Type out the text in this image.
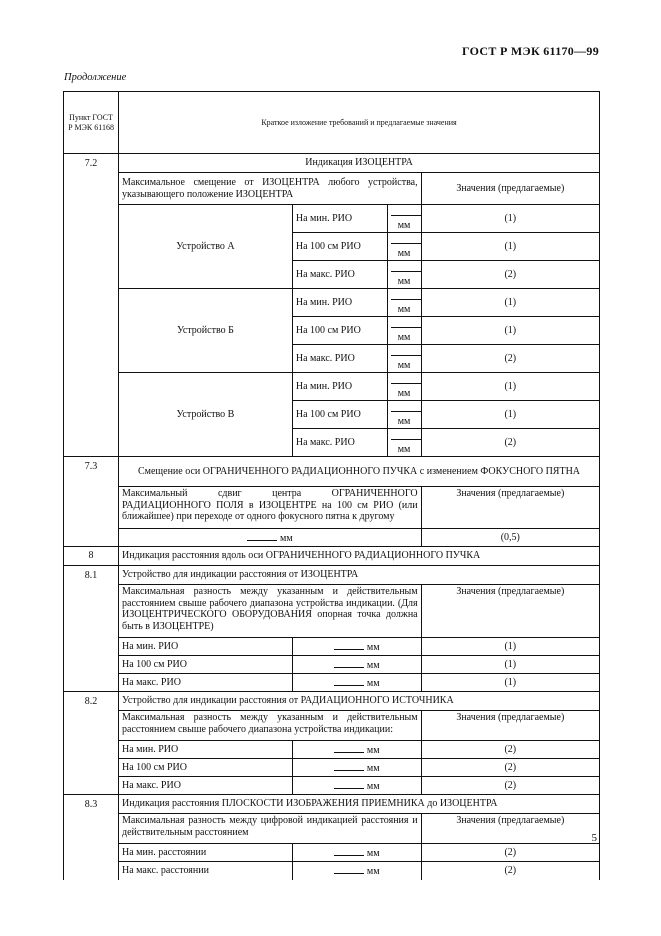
ГОСТ Р МЭК 61170—99
Продолжение
Пункт ГОСТ Р МЭК 61168	Краткое изложение требований и предлагаемые значения			
7.2	Индикация ИЗОЦЕНТРА			
	Максимальное смещение от ИЗОЦЕНТРА любого устройства, указывающего положение ИЗОЦЕНТРА			Значения (предлагаемые)
	Устройство А	На мин. РИО	мм	(1)
		На 100 см РИО	мм	(1)
		На макс. РИО	мм	(2)
	Устройство Б	На мин. РИО	мм	(1)
		На 100 см РИО	мм	(1)
		На макс. РИО	мм	(2)
	Устройство В	На мин. РИО	мм	(1)
		На 100 см РИО	мм	(1)
		На макс. РИО	мм	(2)
7.3	Смещение оси ОГРАНИЧЕННОГО РАДИАЦИОННОГО ПУЧКА с изменением ФОКУСНОГО ПЯТНА			
	Максимальный сдвиг центра ОГРАНИЧЕННОГО РАДИАЦИОННОГО ПОЛЯ в ИЗОЦЕНТРЕ на 100 см РИО (или ближайшее) при переходе от одного фокусного пятна к другому			Значения (предлагаемые)
	мм			(0,5)
8	Индикация расстояния вдоль оси ОГРАНИЧЕННОГО РАДИАЦИОННОГО ПУЧКА			
8.1	Устройство для индикации расстояния от ИЗОЦЕНТРА			
	Максимальная разность между указанным и действительным расстоянием свыше рабочего диапазона устройства индикации. (Для ИЗОЦЕНТРИЧЕСКОГО ОБОРУДОВАНИЯ опорная точка должна быть в ИЗОЦЕНТРЕ)			Значения (предлагаемые)
	На мин. РИО	мм		(1)
	На 100 см РИО	мм		(1)
	На макс. РИО	мм		(1)
8.2	Устройство для индикации расстояния от РАДИАЦИОННОГО ИСТОЧНИКА			
	Максимальная разность между указанным и действительным расстоянием свыше рабочего диапазона устройства индикации:			Значения (предлагаемые)
	На мин. РИО	мм		(2)
	На 100 см РИО	мм		(2)
	На макс. РИО	мм		(2)
8.3	Индикация расстояния ПЛОСКОСТИ ИЗОБРАЖЕНИЯ ПРИЕМНИКА до ИЗОЦЕНТРА			
	Максимальная разность между цифровой индикацией расстояния и действительным расстоянием			Значения (предлагаемые)
	На мин. расстоянии	мм		(2)
	На макс. расстоянии	мм		(2)
5
